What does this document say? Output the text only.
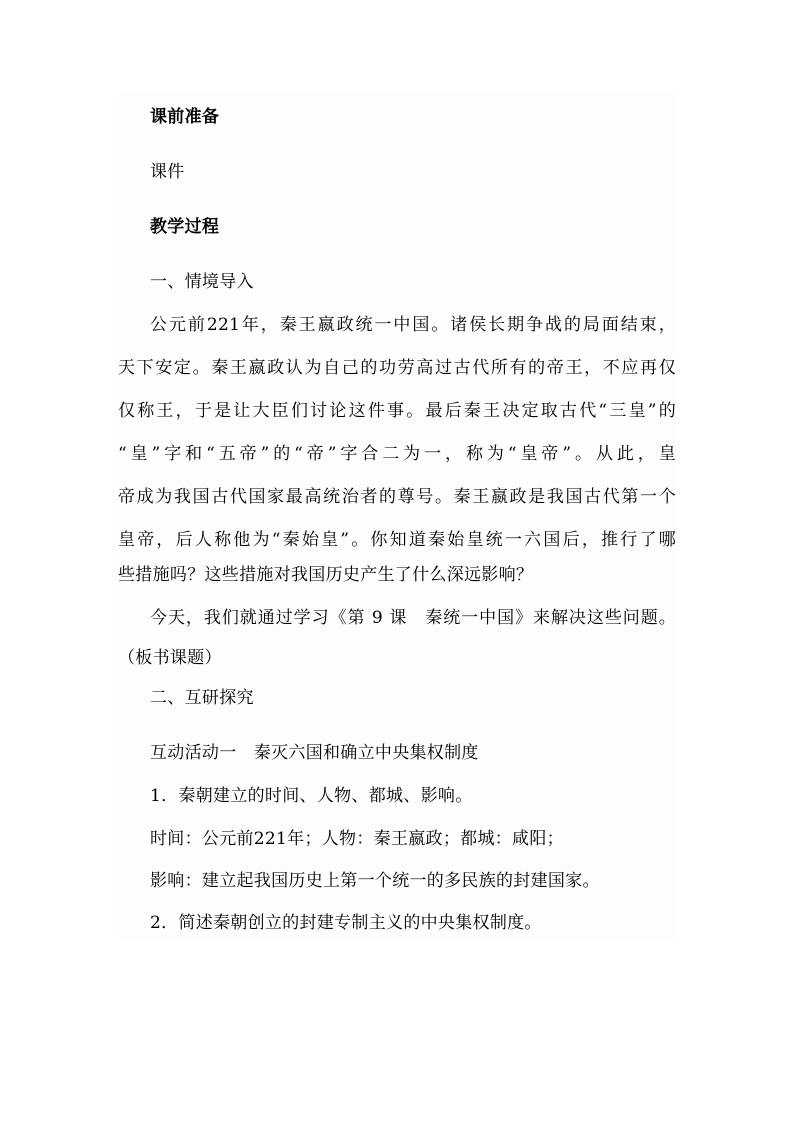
课前准备
课件
教学过程
一、情境导入
公元前221年，秦王嬴政统一中国。诸侯长期争战的局面结束，
天下安定。秦王嬴政认为自己的功劳高过古代所有的帝王，不应再仅
仅称王，于是让大臣们讨论这件事。最后秦王决定取古代“三皇”的
“皇”字和“五帝”的“帝”字合二为一，称为“皇帝”。从此，皇
帝成为我国古代国家最高统治者的尊号。秦王嬴政是我国古代第一个
皇帝，后人称他为“秦始皇”。你知道秦始皇统一六国后，推行了哪
些措施吗？这些措施对我国历史产生了什么深远影响？
今天，我们就通过学习《第 9 课　秦统一中国》来解决这些问题。
（板书课题）
二、互研探究
互动活动一　秦灭六国和确立中央集权制度
1．秦朝建立的时间、人物、都城、影响。
时间：公元前221年；人物：秦王嬴政；都城：咸阳；
影响：建立起我国历史上第一个统一的多民族的封建国家。
2．简述秦朝创立的封建专制主义的中央集权制度。
